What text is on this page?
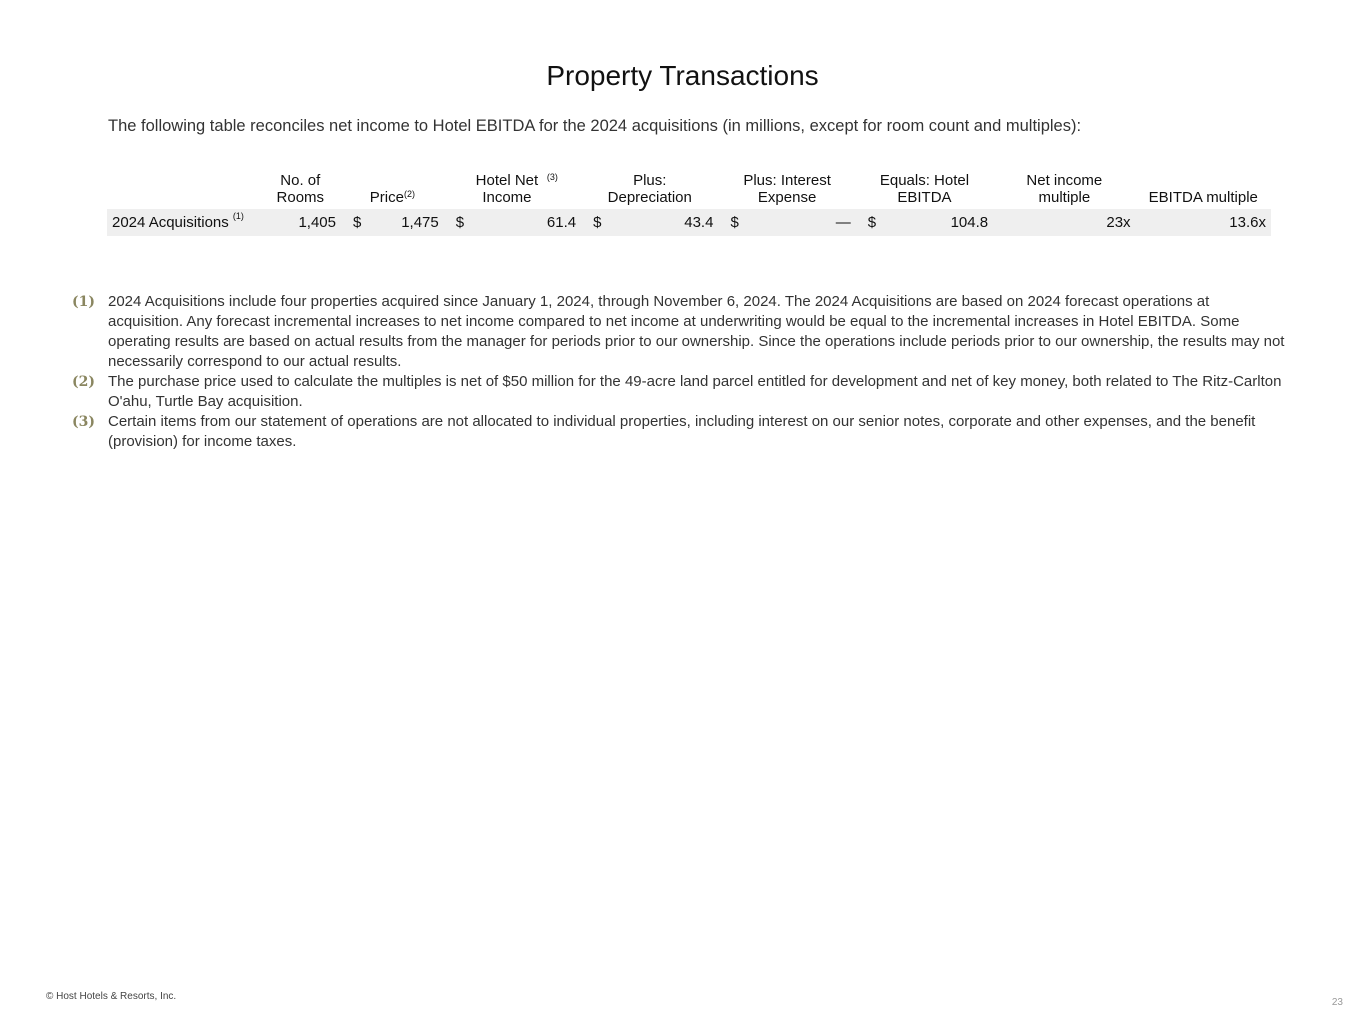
Property Transactions

The following table reconciles net income to Hotel EBITDA for the 2024 acquisitions (in millions, except for room count and multiples):

	No. of Rooms	Price$^{(2)}$		Hotel Net Income$^{(3)}$		Plus: Depreciation		Plus: Interest Expense		Equals: Hotel EBITDA		Net income multiple	EBITDA multiple
2024 Acquisitions $^{(1)}$	1,405	$	1,475	$	61.4	$	43.4	$	—	$	104.8	23x	13.6x
(1) 2024 Acquisitions include four properties acquired since January 1, 2024, through November 6, 2024. The 2024 Acquisitions are based on 2024 forecast operations at acquisition. Any forecast incremental increases to net income compared to net income at underwriting would be equal to the incremental increases in Hotel EBITDA. Some operating results are based on actual results from the manager for periods prior to our ownership. Since the operations include periods prior to our ownership, the results may not necessarily correspond to our actual results.
(2) The purchase price used to calculate the multiples is net of $50 million for the 49-acre land parcel entitled for development and net of key money, both related to The Ritz-Carlton O'ahu, Turtle Bay acquisition.
(3) Certain items from our statement of operations are not allocated to individual properties, including interest on our senior notes, corporate and other expenses, and the benefit (provision) for income taxes.
© Host Hotels & Resorts, Inc.
23
